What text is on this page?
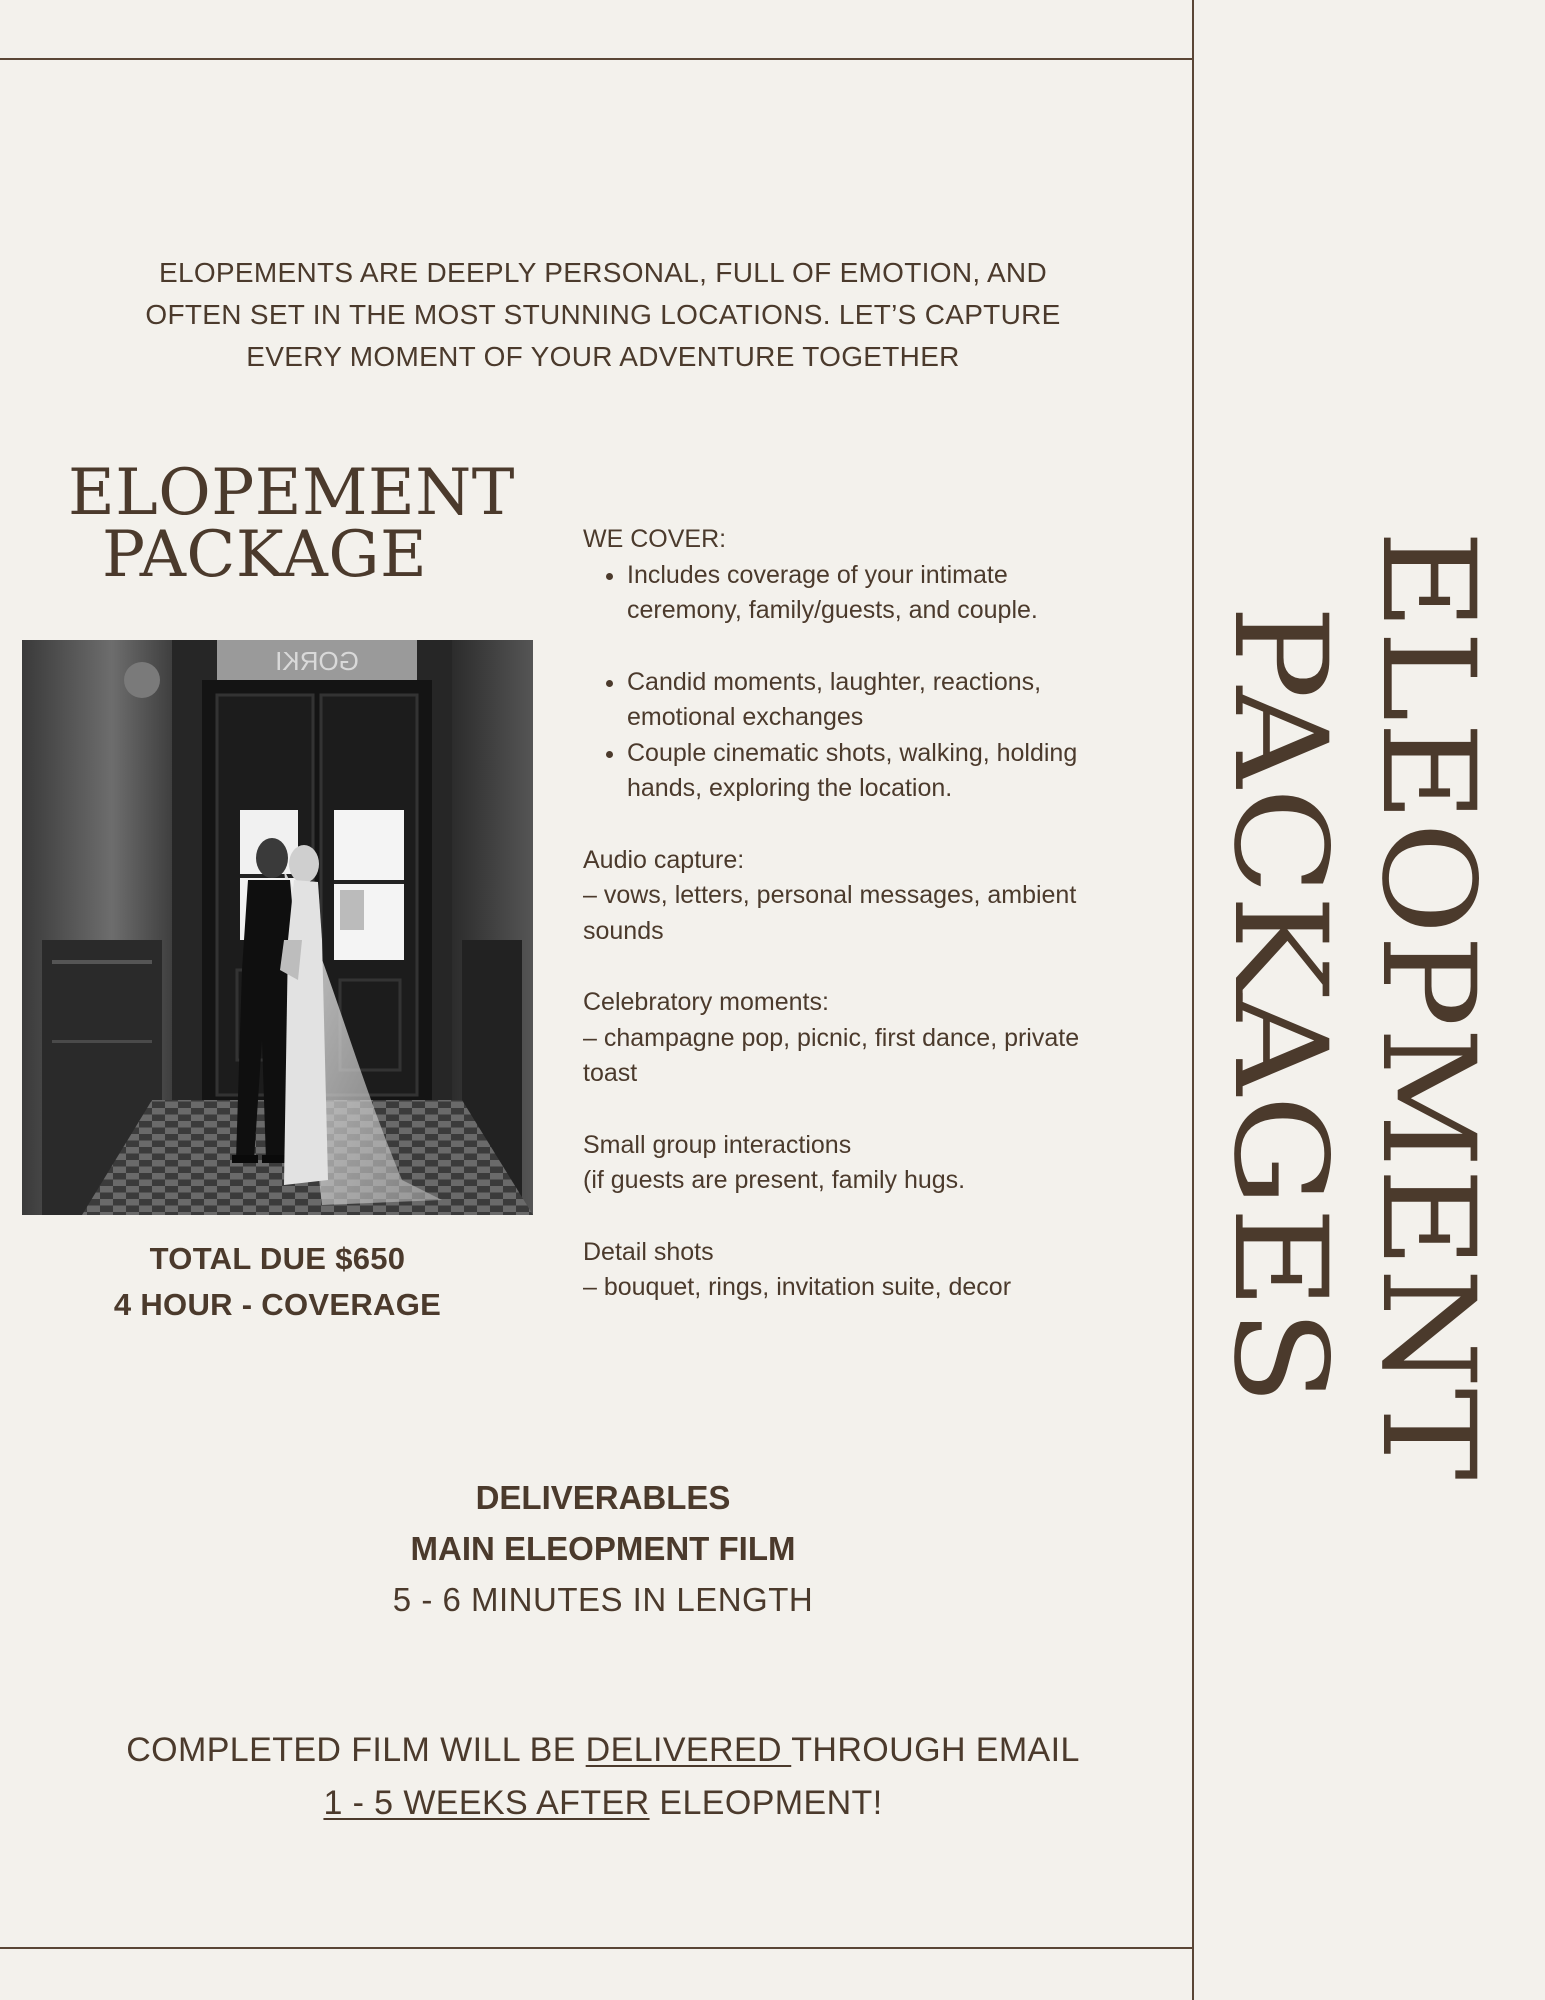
ELOPEMENTS ARE DEEPLY PERSONAL, FULL OF EMOTION, AND
OFTEN SET IN THE MOST STUNNING LOCATIONS. LET’S CAPTURE
EVERY MOMENT OF YOUR ADVENTURE TOGETHER
ELOPEMENT
PACKAGE
GORKI
TOTAL DUE $650
4 HOUR - COVERAGE

WE COVER:

• Includes coverage of your intimate ceremony, family/guests, and couple.
• Candid moments, laughter, reactions, emotional exchanges
• Couple cinematic shots, walking, holding hands, exploring the location.

Audio capture:

– vows, letters, personal messages, ambient sounds

Celebratory moments:

– champagne pop, picnic, first dance, private toast

Small group interactions

(if guests are present, family hugs.

Detail shots

– bouquet, rings, invitation suite, decor

DELIVERABLES
MAIN ELEOPMENT FILM
5 - 6 MINUTES IN LENGTH
COMPLETED FILM WILL BE DELIVERED THROUGH EMAIL
1 - 5 WEEKS AFTER ELEOPMENT!
ELEOPMENT
PACKAGES
